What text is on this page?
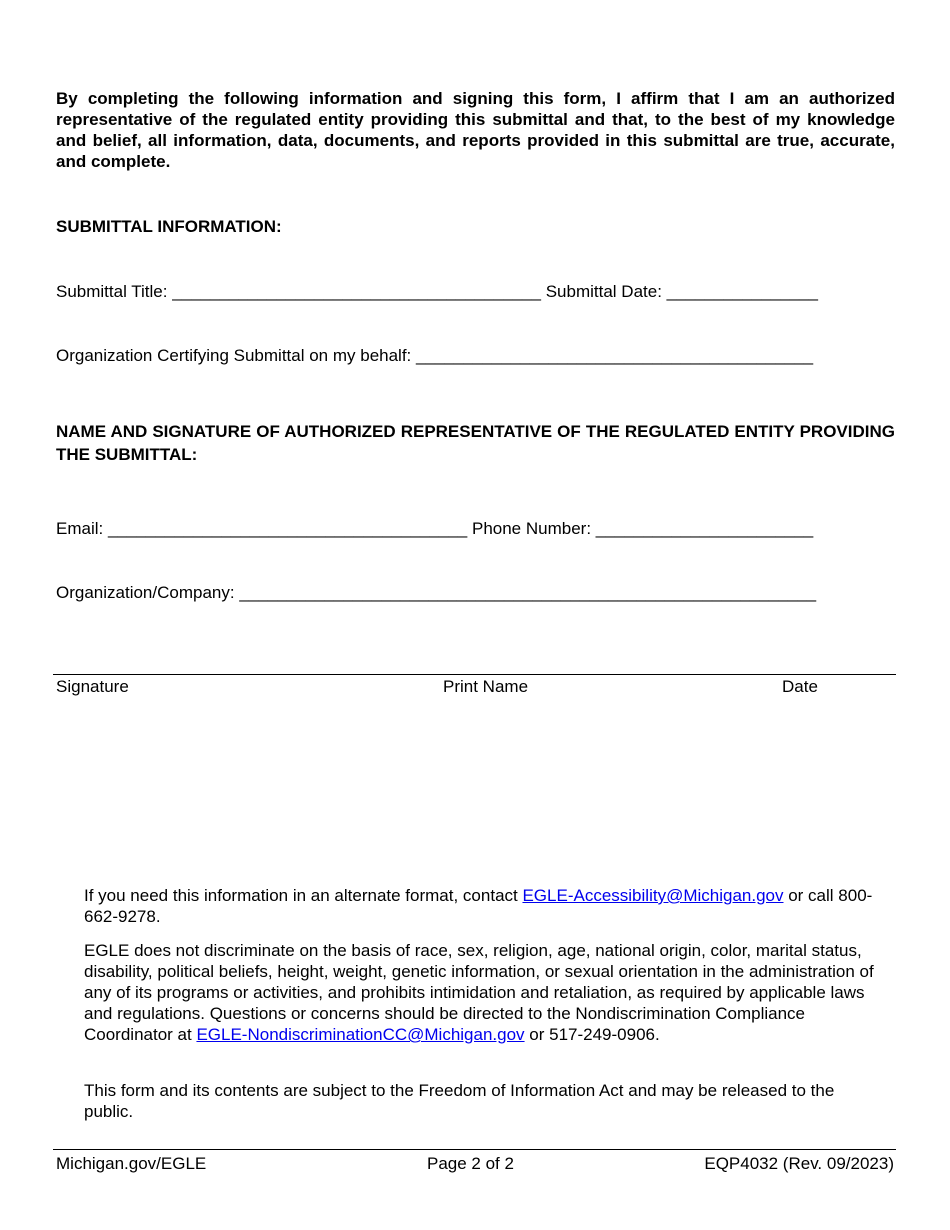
By completing the following information and signing this form, I affirm that I am an authorized representative of the regulated entity providing this submittal and that, to the best of my knowledge and belief, all information, data, documents, and reports provided in this submittal are true, accurate, and complete.
SUBMITTAL INFORMATION:
Submittal Title: _______________________________________ Submittal Date: ________________
Organization Certifying Submittal on my behalf: __________________________________________
NAME AND SIGNATURE OF AUTHORIZED REPRESENTATIVE OF THE REGULATED ENTITY PROVIDING THE SUBMITTAL:
Email: ______________________________________ Phone Number: _______________________
Organization/Company: _____________________________________________________________
Signature	Print Name	Date

If you need this information in an alternate format, contact EGLE-Accessibility@Michigan.gov or call 800-662-9278.

EGLE does not discriminate on the basis of race, sex, religion, age, national origin, color, marital status, disability, political beliefs, height, weight, genetic information, or sexual orientation in the administration of any of its programs or activities, and prohibits intimidation and retaliation, as required by applicable laws and regulations. Questions or concerns should be directed to the Nondiscrimination Compliance Coordinator at EGLE-NondiscriminationCC@Michigan.gov or 517-249-0906.

This form and its contents are subject to the Freedom of Information Act and may be released to the public.

Michigan.gov/EGLE	Page 2 of 2	EQP4032 (Rev. 09/2023)
